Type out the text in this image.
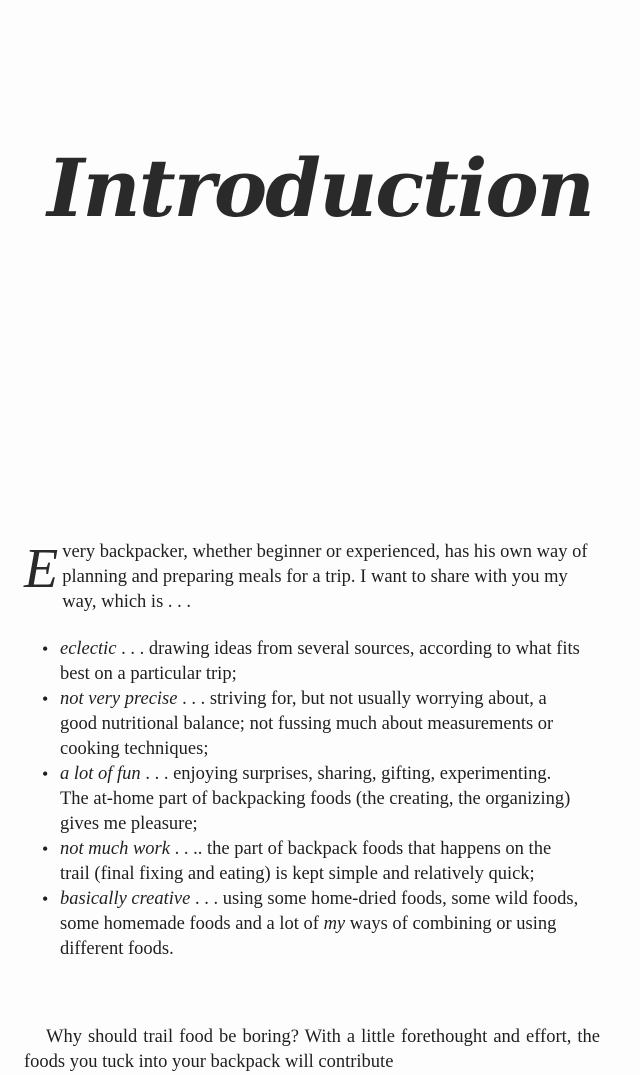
Introduction
Every backpacker, whether beginner or experienced, has his own way of planning and preparing meals for a trip. I want to share with you my way, which is . . .
• eclectic . . . drawing ideas from several sources, according to what fits best on a particular trip;
• not very precise . . . striving for, but not usually worrying about, a good nutritional balance; not fussing much about measurements or cooking techniques;
• a lot of fun . . . enjoying surprises, sharing, gifting, experimenting. The at-home part of backpacking foods (the creating, the organizing) gives me pleasure;
• not much work . . .. the part of backpack foods that happens on the trail (final fixing and eating) is kept simple and relatively quick;
• basically creative . . . using some home-dried foods, some wild foods, some homemade foods and a lot of my ways of combining or using different foods.

Why should trail food be boring? With a little forethought and effort, the foods you tuck into your backpack will contribute
